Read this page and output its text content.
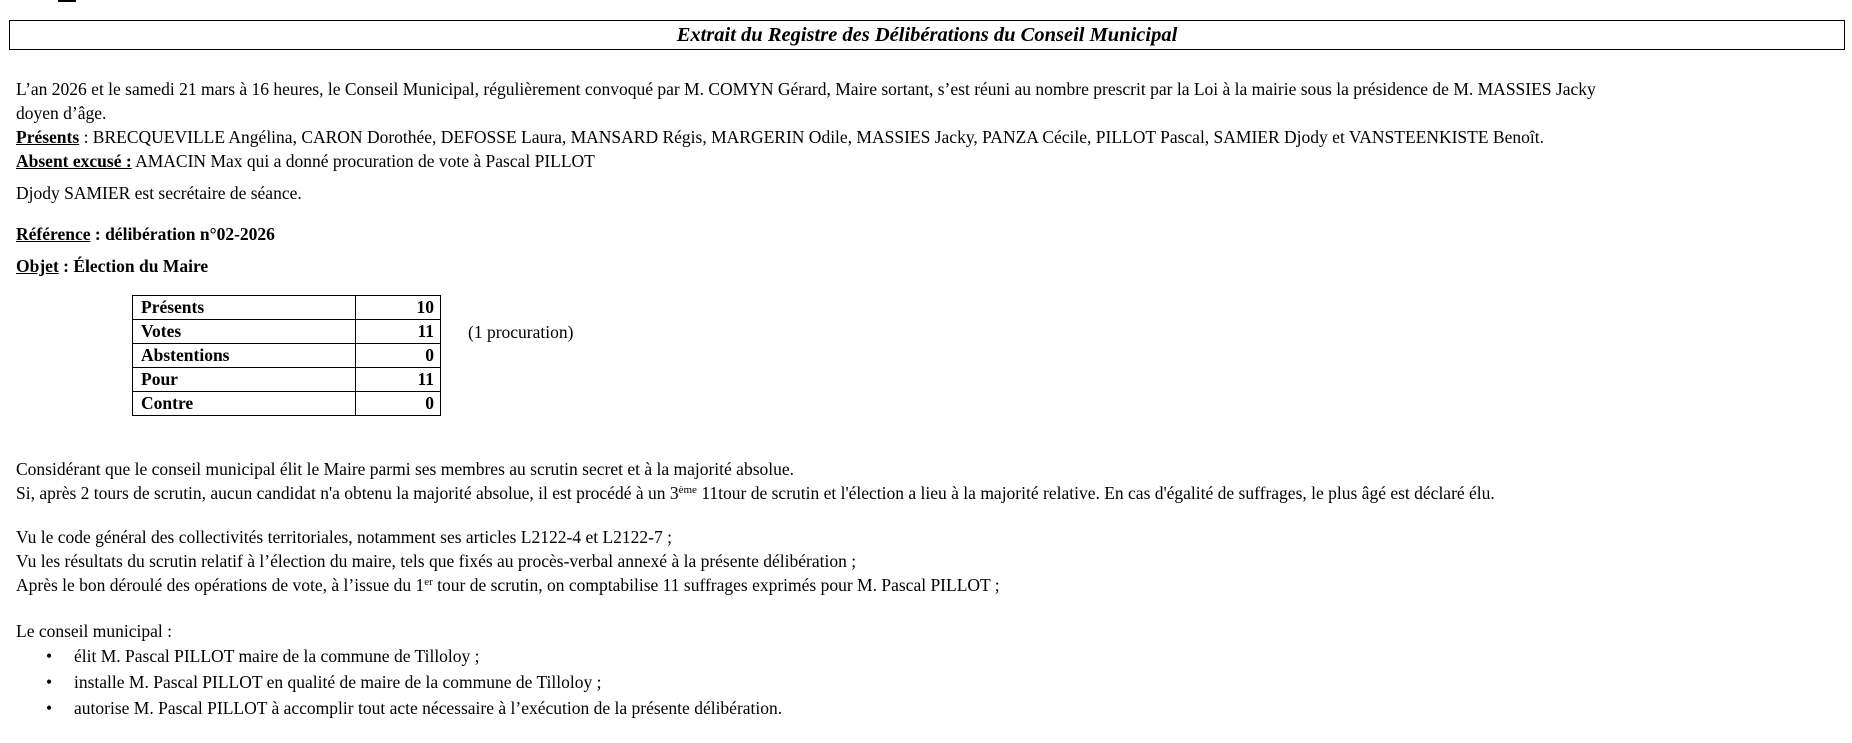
Extrait du Registre des Délibérations du Conseil Municipal
L’an 2026 et le samedi 21 mars à 16 heures, le Conseil Municipal, régulièrement convoqué par M. COMYN Gérard, Maire sortant, s’est réuni au nombre prescrit par la Loi à la mairie sous la présidence de M. MASSIES Jacky
doyen d’âge.
Présents : BRECQUEVILLE Angélina, CARON Dorothée, DEFOSSE Laura, MANSARD Régis, MARGERIN Odile, MASSIES Jacky, PANZA Cécile, PILLOT Pascal, SAMIER Djody et VANSTEENKISTE Benoît.
Absent excusé : AMACIN Max qui a donné procuration de vote à Pascal PILLOT
Djody SAMIER est secrétaire de séance.
Référence : délibération n°02-2026
Objet : Élection du Maire
Présents	10
Votes	11
Abstentions	0
Pour	11
Contre	0
(1 procuration)
Considérant que le conseil municipal élit le Maire parmi ses membres au scrutin secret et à la majorité absolue.
Si, après 2 tours de scrutin, aucun candidat n'a obtenu la majorité absolue, il est procédé à un 3ème 11tour de scrutin et l'élection a lieu à la majorité relative. En cas d'égalité de suffrages, le plus âgé est déclaré élu.
Vu le code général des collectivités territoriales, notamment ses articles L2122-4 et L2122-7 ;
Vu les résultats du scrutin relatif à l’élection du maire, tels que fixés au procès-verbal annexé à la présente délibération ;
Après le bon déroulé des opérations de vote, à l’issue du 1er tour de scrutin, on comptabilise 11 suffrages exprimés pour M. Pascal PILLOT ;
Le conseil municipal :
• élit M. Pascal PILLOT maire de la commune de Tilloloy ;
• installe M. Pascal PILLOT en qualité de maire de la commune de Tilloloy ;
• autorise M. Pascal PILLOT à accomplir tout acte nécessaire à l’exécution de la présente délibération.
